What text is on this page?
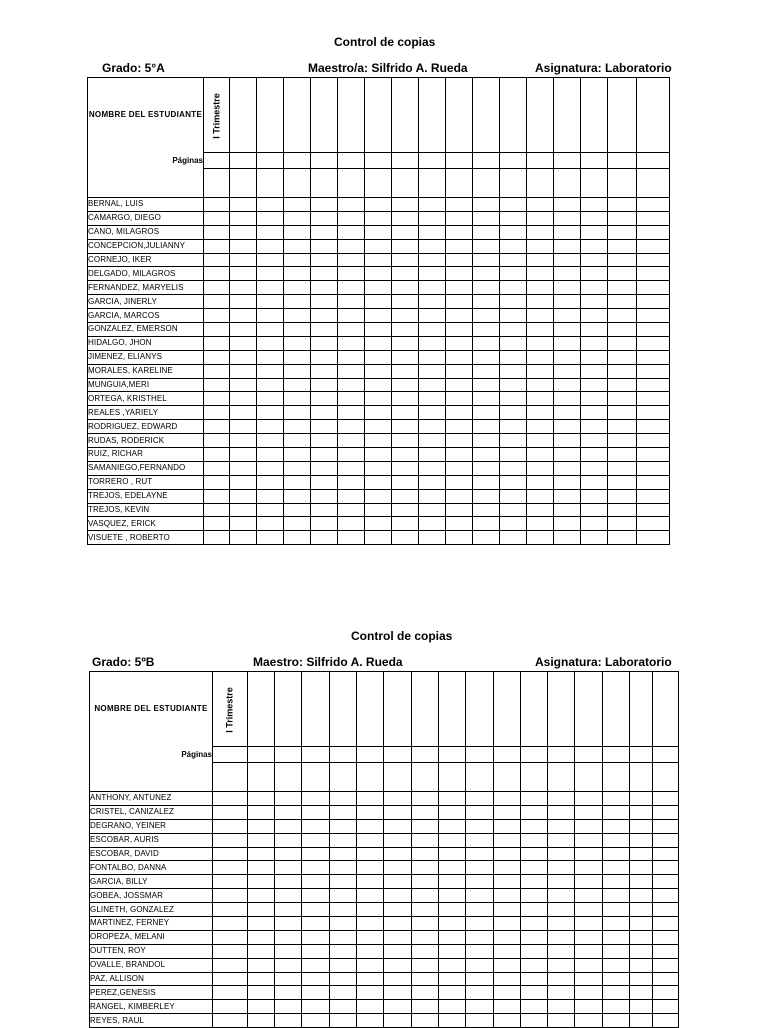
Control de copias
Grado: 5°A	Maestro/a: Silfrido A. Rueda	Asignatura: Laboratorio
NOMBRE DEL ESTUDIANTE	I Trimestre																

Páginas																	

BERNAL, LUIS																	
CAMARGO, DIEGO																	
CANO, MILAGROS																	
CONCEPCION,JULIANNY																	
CORNEJO, IKER																	
DELGADO, MILAGROS																	
FERNANDEZ, MARYELIS																	
GARCIA, JINERLY																	
GARCIA, MARCOS																	
GONZALEZ, EMERSON																	
HIDALGO, JHON																	
JIMENEZ, ELIANYS																	
MORALES, KARELINE																	
MUNGUIA,MERI																	
ORTEGA, KRISTHEL																	
REALES ,YARIELY																	
RODRIGUEZ, EDWARD																	
RUDAS, RODERICK																	
RUIZ, RICHAR																	
SAMANIEGO,FERNANDO																	
TORRERO , RUT																	
TREJOS, EDELAYNE																	
TREJOS, KEVIN																	
VASQUEZ, ERICK																	
VISUETE , ROBERTO																	
Control de copias
Grado: 5ºB	Maestro: Silfrido A. Rueda	Asignatura: Laboratorio
NOMBRE DEL ESTUDIANTE	I Trimestre																

Páginas																	

ANTHONY, ANTUNEZ																	
CRISTEL, CANIZALEZ																	
DEGRANO, YEINER																	
ESCOBAR, AURIS																	
ESCOBAR, DAVID																	
FONTALBO, DANNA																	
GARCIA, BILLY																	
GOBEA, JOSSMAR																	
GLINETH, GONZALEZ																	
MARTINEZ, FERNEY																	
OROPEZA, MELANI																	
OUTTEN, ROY																	
OVALLE, BRANDOL																	
PAZ, ALLISON																	
PEREZ,GENESIS																	
RANGEL, KIMBERLEY																	
REYES, RAUL																	
